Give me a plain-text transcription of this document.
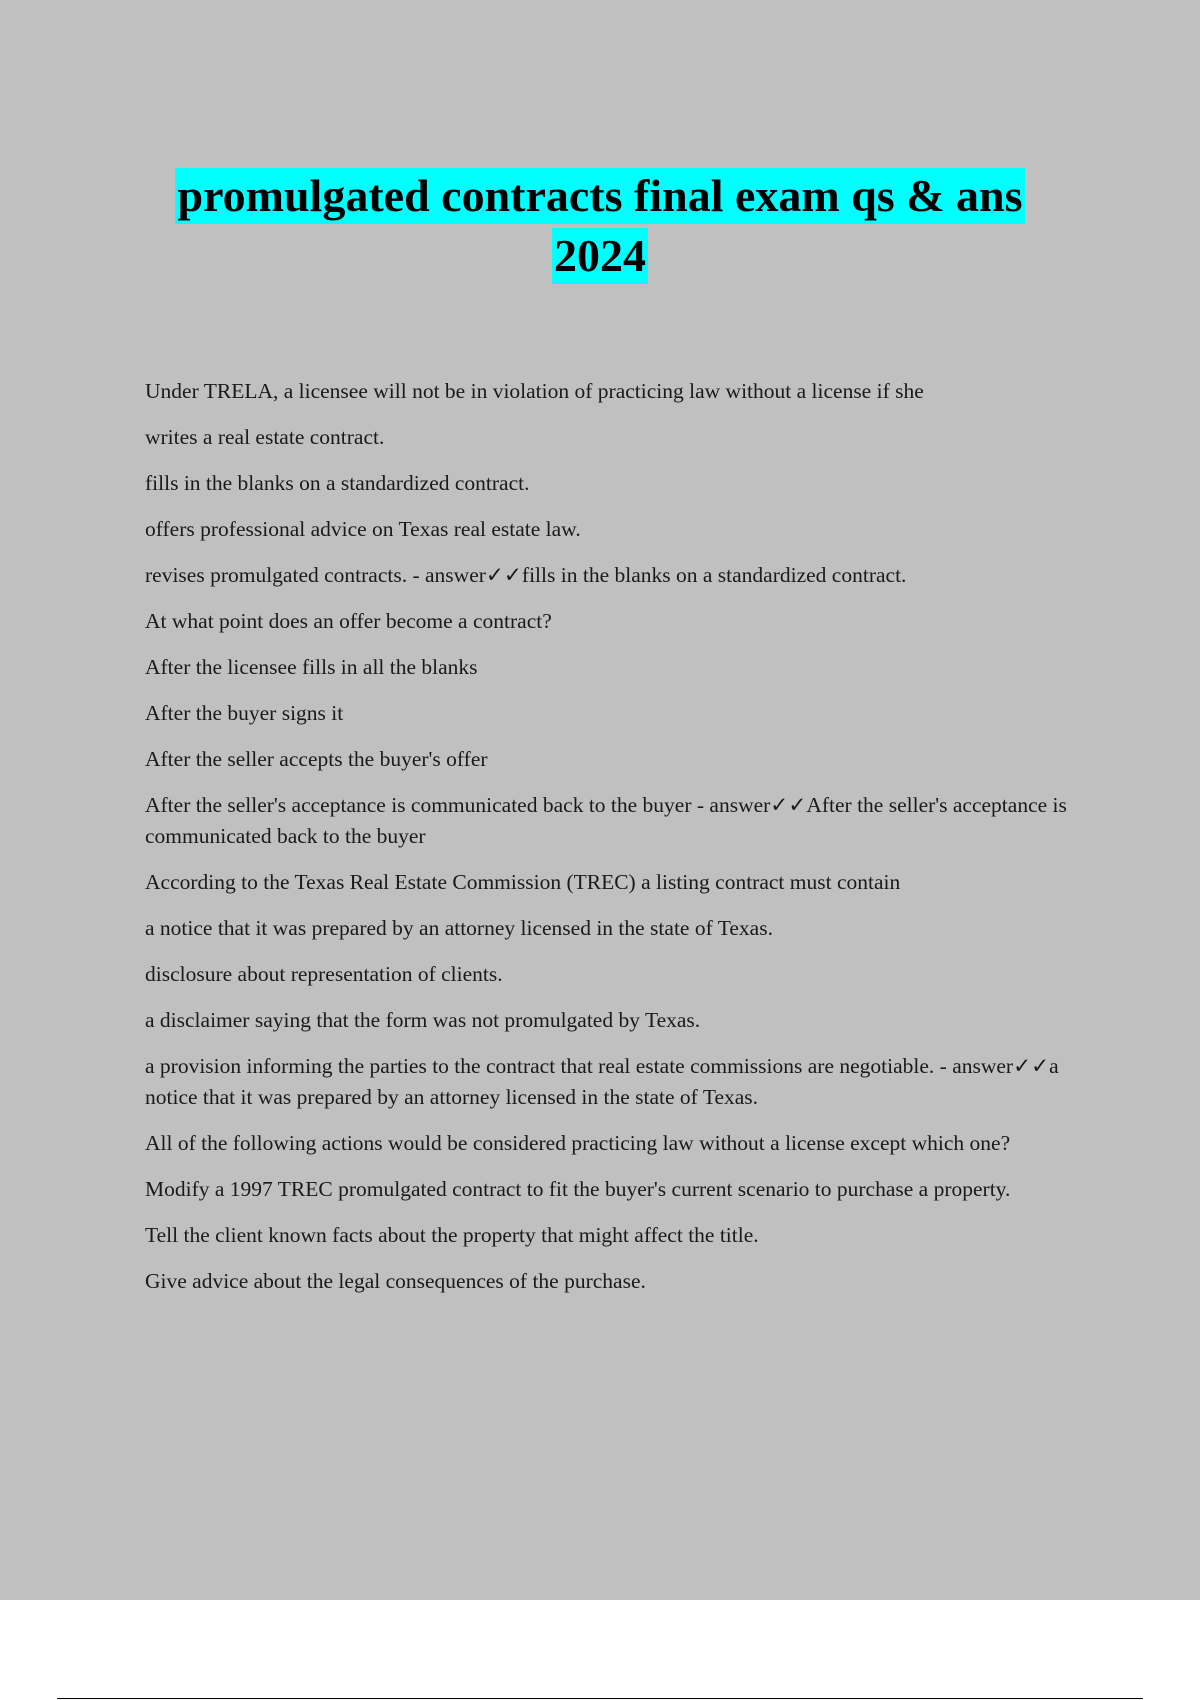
promulgated contracts final exam qs & ans
2024

Under TRELA, a licensee will not be in violation of practicing law without a license if she

writes a real estate contract.

fills in the blanks on a standardized contract.

offers professional advice on Texas real estate law.

revises promulgated contracts. - answer✓✓fills in the blanks on a standardized contract.

At what point does an offer become a contract?

After the licensee fills in all the blanks

After the buyer signs it

After the seller accepts the buyer's offer

After the seller's acceptance is communicated back to the buyer - answer✓✓After the seller's acceptance is communicated back to the buyer

According to the Texas Real Estate Commission (TREC) a listing contract must contain

a notice that it was prepared by an attorney licensed in the state of Texas.

disclosure about representation of clients.

a disclaimer saying that the form was not promulgated by Texas.

a provision informing the parties to the contract that real estate commissions are negotiable. - answer✓✓a notice that it was prepared by an attorney licensed in the state of Texas.

All of the following actions would be considered practicing law without a license except which one?

Modify a 1997 TREC promulgated contract to fit the buyer's current scenario to purchase a property.

Tell the client known facts about the property that might affect the title.

Give advice about the legal consequences of the purchase.
